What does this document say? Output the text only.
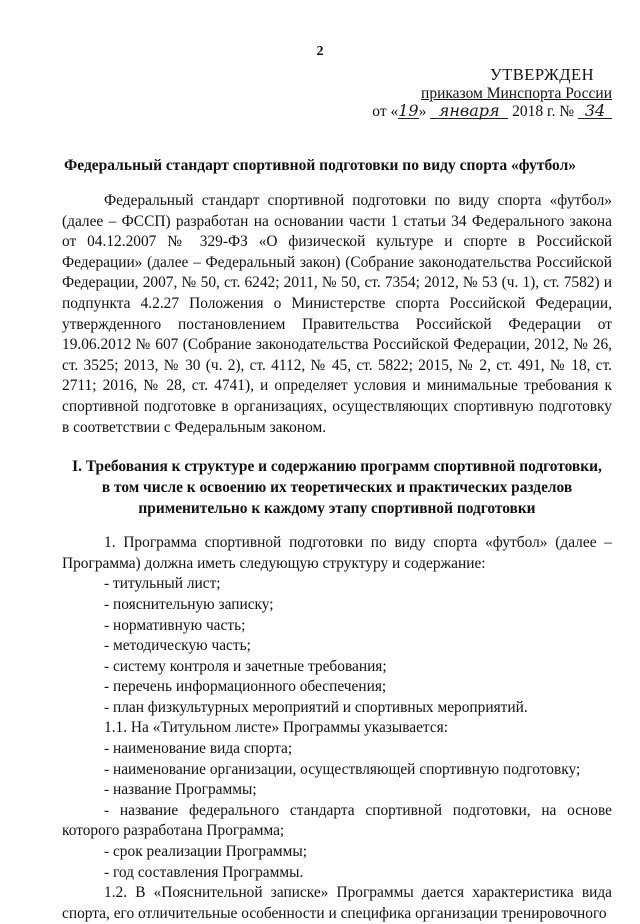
2
УТВЕРЖДЕН
приказом Минспорта России
от «19» января 2018 г. № 34
Федеральный стандарт спортивной подготовки по виду спорта «футбол»

Федеральный стандарт спортивной подготовки по виду спорта «футбол» (далее – ФССП) разработан на основании части 1 статьи 34 Федерального закона от 04.12.2007 № 329-ФЗ «О физической культуре и спорте в Российской Федерации» (далее – Федеральный закон) (Собрание законодательства Российской Федерации, 2007, № 50, ст. 6242; 2011, № 50, ст. 7354; 2012, № 53 (ч. 1), ст. 7582) и подпункта 4.2.27 Положения о Министерстве спорта Российской Федерации, утвержденного постановлением Правительства Российской Федерации от 19.06.2012 № 607 (Собрание законодательства Российской Федерации, 2012, № 26, ст. 3525; 2013, № 30 (ч. 2), ст. 4112, № 45, ст. 5822; 2015, № 2, ст. 491, № 18, ст. 2711; 2016, № 28, ст. 4741), и определяет условия и минимальные требования к спортивной подготовке в организациях, осуществляющих спортивную подготовку в соответствии с Федеральным законом.

I. Требования к структуре и содержанию программ спортивной подготовки,
в том числе к освоению их теоретических и практических разделов
применительно к каждому этапу спортивной подготовки

1. Программа спортивной подготовки по виду спорта «футбол» (далее – Программа) должна иметь следующую структуру и содержание:

- титульный лист;
- пояснительную записку;
- нормативную часть;
- методическую часть;
- систему контроля и зачетные требования;
- перечень информационного обеспечения;
- план физкультурных мероприятий и спортивных мероприятий.

1.1. На «Титульном листе» Программы указывается:

- наименование вида спорта;
- наименование организации, осуществляющей спортивную подготовку;
- название Программы;

- название федерального стандарта спортивной подготовки, на основе которого разработана Программа;

- срок реализации Программы;
- год составления Программы.

1.2. В «Пояснительной записке» Программы дается характеристика вида спорта, его отличительные особенности и специфика организации тренировочного
